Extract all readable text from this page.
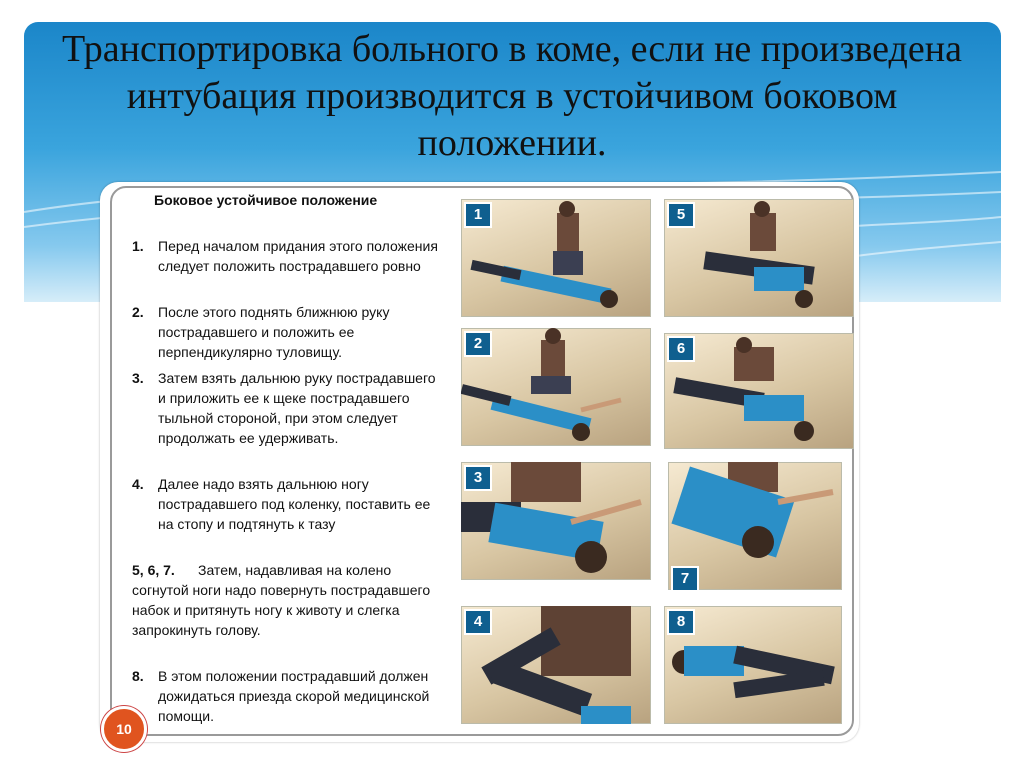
Транспортировка больного в коме, если не произведена интубация производится в устойчивом боковом положении.
Боковое устойчивое положение
1.	Перед началом придания этого положения следует положить пострадавшего ровно
2.	После этого поднять ближнюю руку пострадавшего и положить ее перпендикулярно туловищу.
3.	Затем взять дальнюю руку пострадавшего и приложить ее к щеке пострадавшего тыльной стороной, при этом следует продолжать ее удерживать.
4.	Далее надо взять дальнюю ногу пострадавшего под коленку, поставить ее на стопу и подтянуть к тазу
5, 6, 7.	Затем, надавливая на колено согнутой ноги надо повернуть пострадавшего набок и притянуть ногу к животу и слегка запрокинуть голову.
8.	В этом положении пострадавший должен дожидаться приезда скорой медицинской помощи.
1
2
3
4
5
6
7
8
10
